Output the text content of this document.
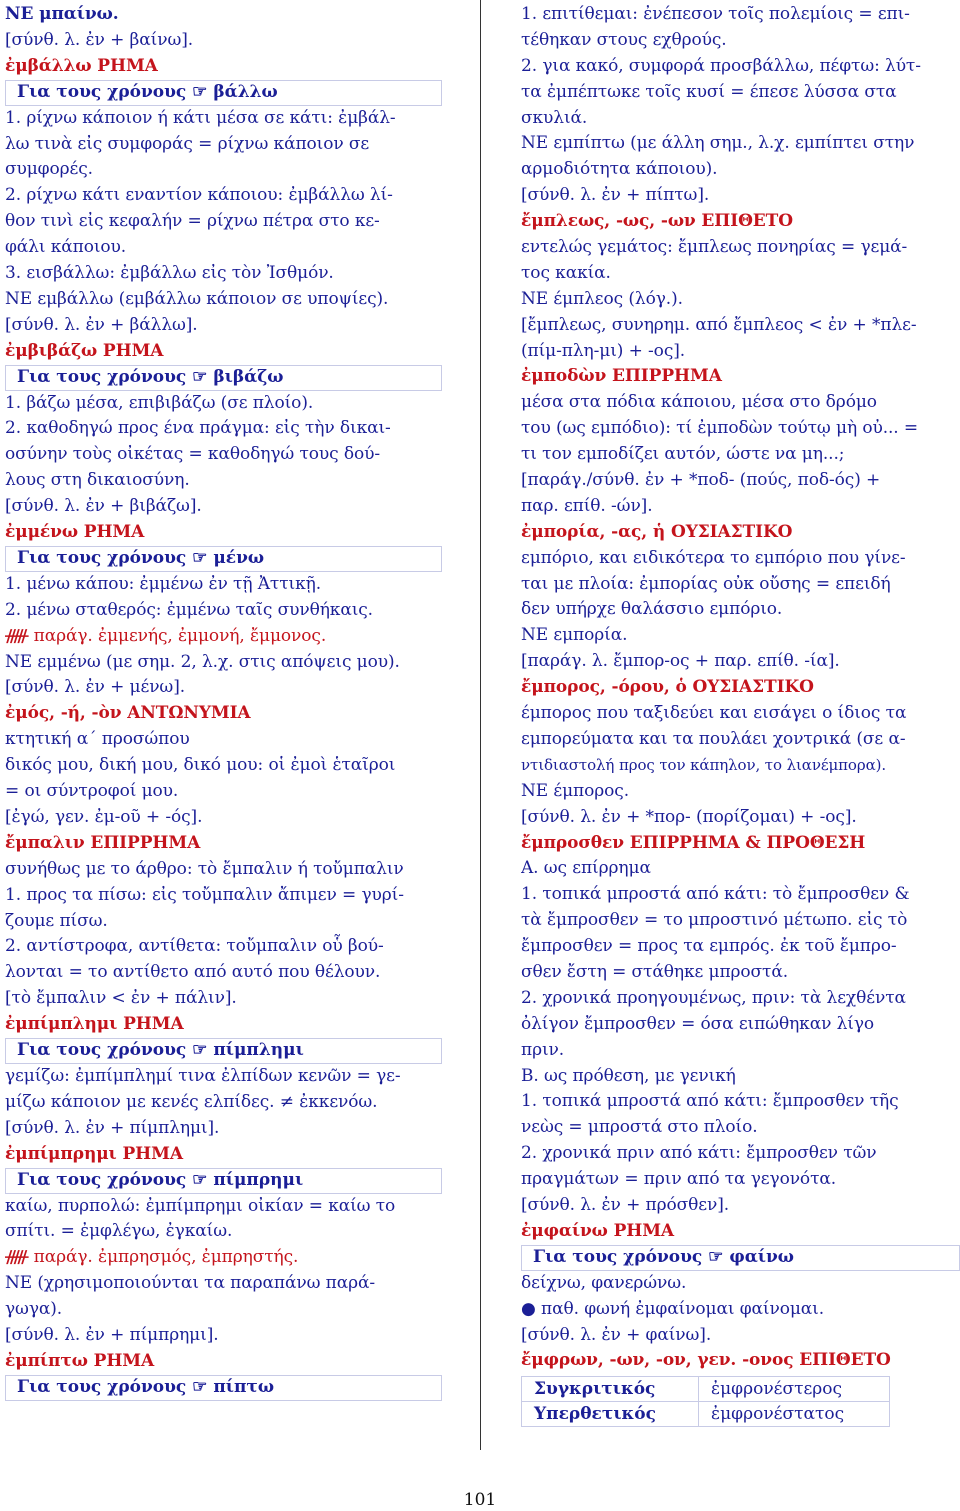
ΝΕ μπαίνω.
[σύνθ. λ. ἐν + βαίνω].
ἐμβάλλω ΡΗΜΑ
Για τους χρόνους ☞ βάλλω
1. ρίχνω κάποιον ή κάτι μέσα σε κάτι: ἐμβάλ-
λω τινὰ εἰς συμφοράς = ρίχνω κάποιον σε
συμφορές.
2. ρίχνω κάτι εναντίον κάποιου: ἐμβάλλω λί-
θον τινὶ εἰς κεφαλήν = ρίχνω πέτρα στο κε-
φάλι κάποιου.
3. εισβάλλω: ἐμβάλλω εἰς τὸν Ἰσθμόν.
ΝΕ εμβάλλω (εμβάλλω κάποιον σε υποψίες).
[σύνθ. λ. ἐν + βάλλω].
ἐμβιβάζω ΡΗΜΑ
Για τους χρόνους ☞ βιβάζω
1. βάζω μέσα, επιβιβάζω (σε πλοίο).
2. καθοδηγώ προς ένα πράγμα: εἰς τὴν δικαι-
οσύνην τοὺς οἰκέτας = καθοδηγώ τους δού-
λους στη δικαιοσύνη.
[σύνθ. λ. ἐν + βιβάζω].
ἐμμένω ΡΗΜΑ
Για τους χρόνους ☞ μένω
1. μένω κάπου: ἐμμένω ἐν τῇ Ἀττικῇ.
2. μένω σταθερός: ἐμμένω ταῖς συνθήκαις.
ᚏ παράγ. ἐμμενής, ἐμμονή, ἔμμονος.
ΝΕ εμμένω (με σημ. 2, λ.χ. στις απόψεις μου).
[σύνθ. λ. ἐν + μένω].
ἐμός, -ή, -ὸν ΑΝΤΩΝΥΜΙΑ
κτητική α΄ προσώπου
δικός μου, δική μου, δικό μου: οἱ ἐμοὶ ἑταῖροι
= οι σύντροφοί μου.
[ἐγώ, γεν. ἐμ-οῦ + -ός].
ἔμπαλιν ΕΠΙΡΡΗΜΑ
συνήθως με το άρθρο: τὸ ἔμπαλιν ή τοὔμπαλιν
1. προς τα πίσω: εἰς τοὔμπαλιν ἄπιμεν = γυρί-
ζουμε πίσω.
2. αντίστροφα, αντίθετα: τοὔμπαλιν οὗ βού-
λονται = το αντίθετο από αυτό που θέλουν.
[τὸ ἔμπαλιν < ἐν + πάλιν].
ἐμπίμπλημι ΡΗΜΑ
Για τους χρόνους ☞ πίμπλημι
γεμίζω: ἐμπίμπλημί τινα ἐλπίδων κενῶν = γε-
μίζω κάποιον με κενές ελπίδες. ≠ ἐκκενόω.
[σύνθ. λ. ἐν + πίμπλημι].
ἐμπίμπρημι ΡΗΜΑ
Για τους χρόνους ☞ πίμπρημι
καίω, πυρπολώ: ἐμπίμπρημι οἰκίαν = καίω το
σπίτι. = ἐμφλέγω, ἐγκαίω.
ᚏ παράγ. ἐμπρησμός, ἐμπρηστής.
ΝΕ (χρησιμοποιούνται τα παραπάνω παρά-
γωγα).
[σύνθ. λ. ἐν + πίμπρημι].
ἐμπίπτω ΡΗΜΑ
Για τους χρόνους ☞ πίπτω
1. επιτίθεμαι: ἐνέπεσον τοῖς πολεμίοις = επι-
τέθηκαν στους εχθρούς.
2. για κακό, συμφορά προσβάλλω, πέφτω: λύτ-
τα ἐμπέπτωκε τοῖς κυσί = έπεσε λύσσα στα
σκυλιά.
ΝΕ εμπίπτω (με άλλη σημ., λ.χ. εμπίπτει στην
αρμοδιότητα κάποιου).
[σύνθ. λ. ἐν + πίπτω].
ἔμπλεως, -ως, -ων ΕΠΙΘΕΤΟ
εντελώς γεμάτος: ἔμπλεως πονηρίας = γεμά-
τος κακία.
ΝΕ έμπλεος (λόγ.).
[ἔμπλεως, συνηρημ. από ἔμπλεος < ἐν + *πλε-
(πίμ-πλη-μι) + -ος].
ἐμποδὼν ΕΠΙΡΡΗΜΑ
μέσα στα πόδια κάποιου, μέσα στο δρόμο
του (ως εμπόδιο): τί ἐμποδὼν τούτῳ μὴ οὐ... =
τι τον εμποδίζει αυτόν, ώστε να μη...;
[παράγ./σύνθ. ἐν + *ποδ- (πούς, ποδ-ός) +
παρ. επίθ. -ών].
ἐμπορία, -ας, ἡ ΟΥΣΙΑΣΤΙΚΟ
εμπόριο, και ειδικότερα το εμπόριο που γίνε-
ται με πλοία: ἐμπορίας οὐκ οὔσης = επειδή
δεν υπήρχε θαλάσσιο εμπόριο.
ΝΕ εμπορία.
[παράγ. λ. ἔμπορ-ος + παρ. επίθ. -ία].
ἔμπορος, -όρου, ὁ ΟΥΣΙΑΣΤΙΚΟ
έμπορος που ταξιδεύει και εισάγει ο ίδιος τα
εμπορεύματα και τα πουλάει χοντρικά (σε α-
ντιδιαστολή προς τον κάπηλον, το λιανέμπορα).
ΝΕ έμπορος.
[σύνθ. λ. ἐν + *πορ- (πορίζομαι) + -ος].
ἔμπροσθεν ΕΠΙΡΡΗΜΑ & ΠΡΟΘΕΣΗ
Α. ως επίρρημα
1. τοπικά μπροστά από κάτι: τὸ ἔμπροσθεν &
τὰ ἔμπροσθεν = το μπροστινό μέτωπο. εἰς τὸ
ἔμπροσθεν = προς τα εμπρός. ἐκ τοῦ ἔμπρο-
σθεν ἔστη = στάθηκε μπροστά.
2. χρονικά προηγουμένως, πριν: τὰ λεχθέντα
ὀλίγον ἔμπροσθεν = όσα ειπώθηκαν λίγο
πριν.
Β. ως πρόθεση, με γενική
1. τοπικά μπροστά από κάτι: ἔμπροσθεν τῆς
νεὼς = μπροστά στο πλοίο.
2. χρονικά πριν από κάτι: ἔμπροσθεν τῶν
πραγμάτων = πριν από τα γεγονότα.
[σύνθ. λ. ἐν + πρόσθεν].
ἐμφαίνω ΡΗΜΑ
Για τους χρόνους ☞ φαίνω
δείχνω, φανερώνω.
● παθ. φωνή ἐμφαίνομαι φαίνομαι.
[σύνθ. λ. ἐν + φαίνω].
ἔμφρων, -ων, -ον, γεν. -ονος ΕΠΙΘΕΤΟ
Συγκριτικός	ἐμφρονέστερος
Υπερθετικός	ἐμφρονέστατος
101
